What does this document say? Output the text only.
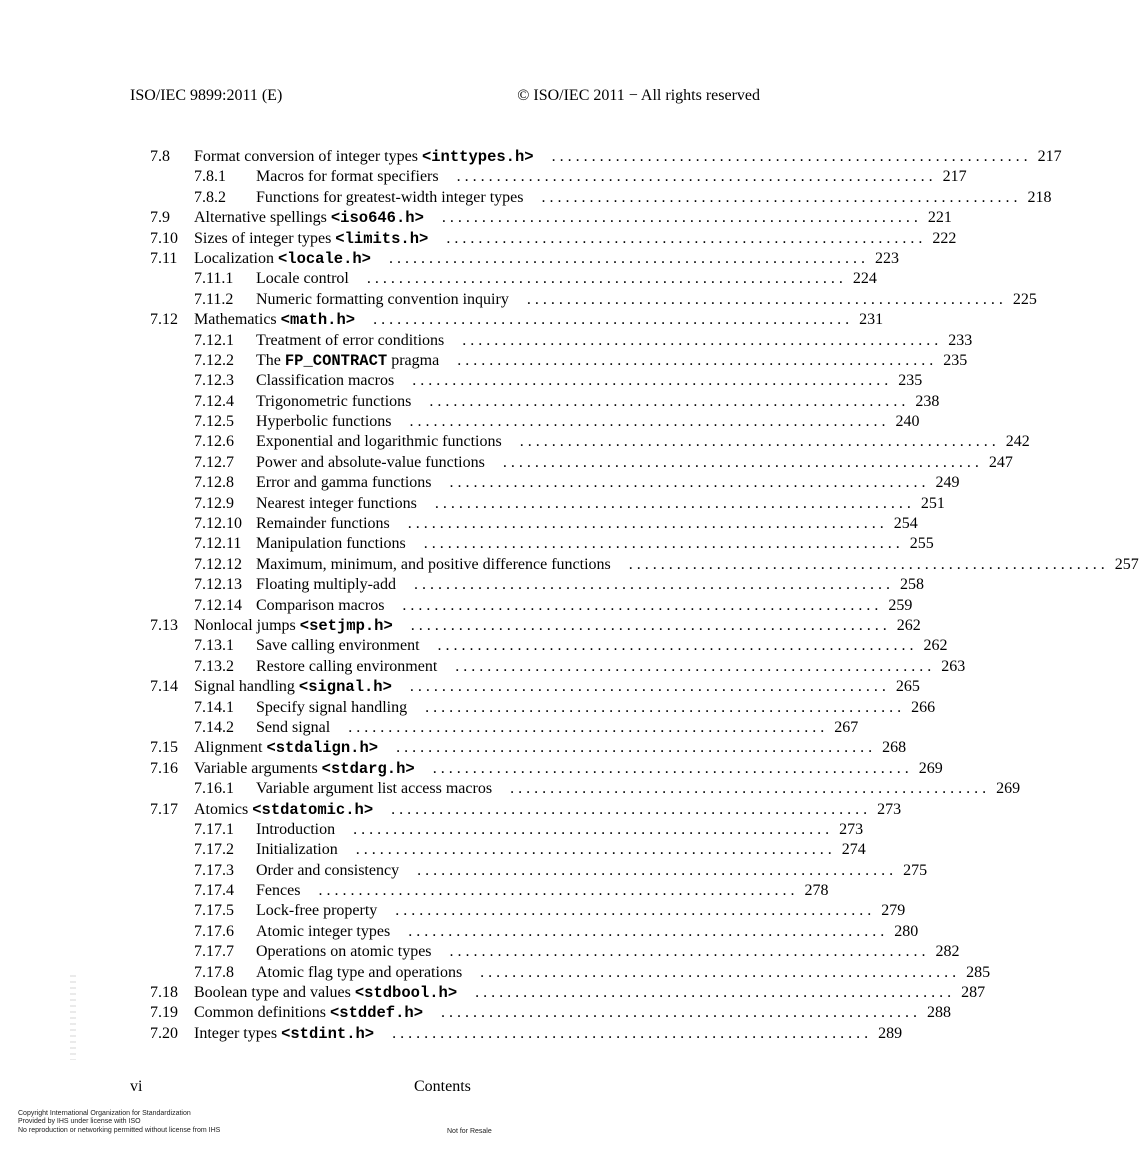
ISO/IEC 9899:2011 (E)	© ISO/IEC 2011 − All rights reserved
7.8	Format conversion of integer types <inttypes.h>	. . . . . . . . . . . . . . . . . . . . . . . . . . . . . . . . . . . . . . . . . . . . . . . . . . . . . . . . . . . . 217
7.8.1	Macros for format specifiers	. . . . . . . . . . . . . . . . . . . . . . . . . . . . . . . . . . . . . . . . . . . . . . . . . . . . . . . . . . . . 217
7.8.2	Functions for greatest-width integer types	. . . . . . . . . . . . . . . . . . . . . . . . . . . . . . . . . . . . . . . . . . . . . . . . . . . . . . . . . . . . 218
7.9	Alternative spellings <iso646.h>	. . . . . . . . . . . . . . . . . . . . . . . . . . . . . . . . . . . . . . . . . . . . . . . . . . . . . . . . . . . . 221
7.10	Sizes of integer types <limits.h>	. . . . . . . . . . . . . . . . . . . . . . . . . . . . . . . . . . . . . . . . . . . . . . . . . . . . . . . . . . . . 222
7.11	Localization <locale.h>	. . . . . . . . . . . . . . . . . . . . . . . . . . . . . . . . . . . . . . . . . . . . . . . . . . . . . . . . . . . . 223
7.11.1	Locale control	. . . . . . . . . . . . . . . . . . . . . . . . . . . . . . . . . . . . . . . . . . . . . . . . . . . . . . . . . . . . 224
7.11.2	Numeric formatting convention inquiry	. . . . . . . . . . . . . . . . . . . . . . . . . . . . . . . . . . . . . . . . . . . . . . . . . . . . . . . . . . . . 225
7.12	Mathematics <math.h>	. . . . . . . . . . . . . . . . . . . . . . . . . . . . . . . . . . . . . . . . . . . . . . . . . . . . . . . . . . . . 231
7.12.1	Treatment of error conditions	. . . . . . . . . . . . . . . . . . . . . . . . . . . . . . . . . . . . . . . . . . . . . . . . . . . . . . . . . . . . 233
7.12.2	The FP_CONTRACT pragma	. . . . . . . . . . . . . . . . . . . . . . . . . . . . . . . . . . . . . . . . . . . . . . . . . . . . . . . . . . . . 235
7.12.3	Classification macros	. . . . . . . . . . . . . . . . . . . . . . . . . . . . . . . . . . . . . . . . . . . . . . . . . . . . . . . . . . . . 235
7.12.4	Trigonometric functions	. . . . . . . . . . . . . . . . . . . . . . . . . . . . . . . . . . . . . . . . . . . . . . . . . . . . . . . . . . . . 238
7.12.5	Hyperbolic functions	. . . . . . . . . . . . . . . . . . . . . . . . . . . . . . . . . . . . . . . . . . . . . . . . . . . . . . . . . . . . 240
7.12.6	Exponential and logarithmic functions	. . . . . . . . . . . . . . . . . . . . . . . . . . . . . . . . . . . . . . . . . . . . . . . . . . . . . . . . . . . . 242
7.12.7	Power and absolute-value functions	. . . . . . . . . . . . . . . . . . . . . . . . . . . . . . . . . . . . . . . . . . . . . . . . . . . . . . . . . . . . 247
7.12.8	Error and gamma functions	. . . . . . . . . . . . . . . . . . . . . . . . . . . . . . . . . . . . . . . . . . . . . . . . . . . . . . . . . . . . 249
7.12.9	Nearest integer functions	. . . . . . . . . . . . . . . . . . . . . . . . . . . . . . . . . . . . . . . . . . . . . . . . . . . . . . . . . . . . 251
7.12.10 Remainder functions	. . . . . . . . . . . . . . . . . . . . . . . . . . . . . . . . . . . . . . . . . . . . . . . . . . . . . . . . . . . . 254
7.12.11 Manipulation functions	. . . . . . . . . . . . . . . . . . . . . . . . . . . . . . . . . . . . . . . . . . . . . . . . . . . . . . . . . . . . 255
7.12.12 Maximum, minimum, and positive difference functions	. . . . . . . . . . . . . . . . . . . . . . . . . . . . . . . . . . . . . . . . . . . . . . . . . . . . . . . . . . . . 257
7.12.13 Floating multiply-add	. . . . . . . . . . . . . . . . . . . . . . . . . . . . . . . . . . . . . . . . . . . . . . . . . . . . . . . . . . . . 258
7.12.14 Comparison macros	. . . . . . . . . . . . . . . . . . . . . . . . . . . . . . . . . . . . . . . . . . . . . . . . . . . . . . . . . . . . 259
7.13	Nonlocal jumps <setjmp.h>	. . . . . . . . . . . . . . . . . . . . . . . . . . . . . . . . . . . . . . . . . . . . . . . . . . . . . . . . . . . . 262
7.13.1	Save calling environment	. . . . . . . . . . . . . . . . . . . . . . . . . . . . . . . . . . . . . . . . . . . . . . . . . . . . . . . . . . . . 262
7.13.2	Restore calling environment	. . . . . . . . . . . . . . . . . . . . . . . . . . . . . . . . . . . . . . . . . . . . . . . . . . . . . . . . . . . . 263
7.14	Signal handling <signal.h>	. . . . . . . . . . . . . . . . . . . . . . . . . . . . . . . . . . . . . . . . . . . . . . . . . . . . . . . . . . . . 265
7.14.1	Specify signal handling	. . . . . . . . . . . . . . . . . . . . . . . . . . . . . . . . . . . . . . . . . . . . . . . . . . . . . . . . . . . . 266
7.14.2	Send signal	. . . . . . . . . . . . . . . . . . . . . . . . . . . . . . . . . . . . . . . . . . . . . . . . . . . . . . . . . . . . 267
7.15	Alignment <stdalign.h>	. . . . . . . . . . . . . . . . . . . . . . . . . . . . . . . . . . . . . . . . . . . . . . . . . . . . . . . . . . . . 268
7.16	Variable arguments <stdarg.h>	. . . . . . . . . . . . . . . . . . . . . . . . . . . . . . . . . . . . . . . . . . . . . . . . . . . . . . . . . . . . 269
7.16.1	Variable argument list access macros	. . . . . . . . . . . . . . . . . . . . . . . . . . . . . . . . . . . . . . . . . . . . . . . . . . . . . . . . . . . . 269
7.17	Atomics <stdatomic.h>	. . . . . . . . . . . . . . . . . . . . . . . . . . . . . . . . . . . . . . . . . . . . . . . . . . . . . . . . . . . . 273
7.17.1	Introduction	. . . . . . . . . . . . . . . . . . . . . . . . . . . . . . . . . . . . . . . . . . . . . . . . . . . . . . . . . . . . 273
7.17.2	Initialization	. . . . . . . . . . . . . . . . . . . . . . . . . . . . . . . . . . . . . . . . . . . . . . . . . . . . . . . . . . . . 274
7.17.3	Order and consistency	. . . . . . . . . . . . . . . . . . . . . . . . . . . . . . . . . . . . . . . . . . . . . . . . . . . . . . . . . . . . 275
7.17.4	Fences	. . . . . . . . . . . . . . . . . . . . . . . . . . . . . . . . . . . . . . . . . . . . . . . . . . . . . . . . . . . . 278
7.17.5	Lock-free property	. . . . . . . . . . . . . . . . . . . . . . . . . . . . . . . . . . . . . . . . . . . . . . . . . . . . . . . . . . . . 279
7.17.6	Atomic integer types	. . . . . . . . . . . . . . . . . . . . . . . . . . . . . . . . . . . . . . . . . . . . . . . . . . . . . . . . . . . . 280
7.17.7	Operations on atomic types	. . . . . . . . . . . . . . . . . . . . . . . . . . . . . . . . . . . . . . . . . . . . . . . . . . . . . . . . . . . . 282
7.17.8	Atomic flag type and operations	. . . . . . . . . . . . . . . . . . . . . . . . . . . . . . . . . . . . . . . . . . . . . . . . . . . . . . . . . . . . 285
7.18	Boolean type and values <stdbool.h>	. . . . . . . . . . . . . . . . . . . . . . . . . . . . . . . . . . . . . . . . . . . . . . . . . . . . . . . . . . . . 287
7.19	Common definitions <stddef.h>	. . . . . . . . . . . . . . . . . . . . . . . . . . . . . . . . . . . . . . . . . . . . . . . . . . . . . . . . . . . . 288
7.20	Integer types <stdint.h>	. . . . . . . . . . . . . . . . . . . . . . . . . . . . . . . . . . . . . . . . . . . . . . . . . . . . . . . . . . . . 289
vi	Contents
Copyright International Organization for Standardization
Provided by IHS under license with ISO
No reproduction or networking permitted without license from IHS	Not for Resale
